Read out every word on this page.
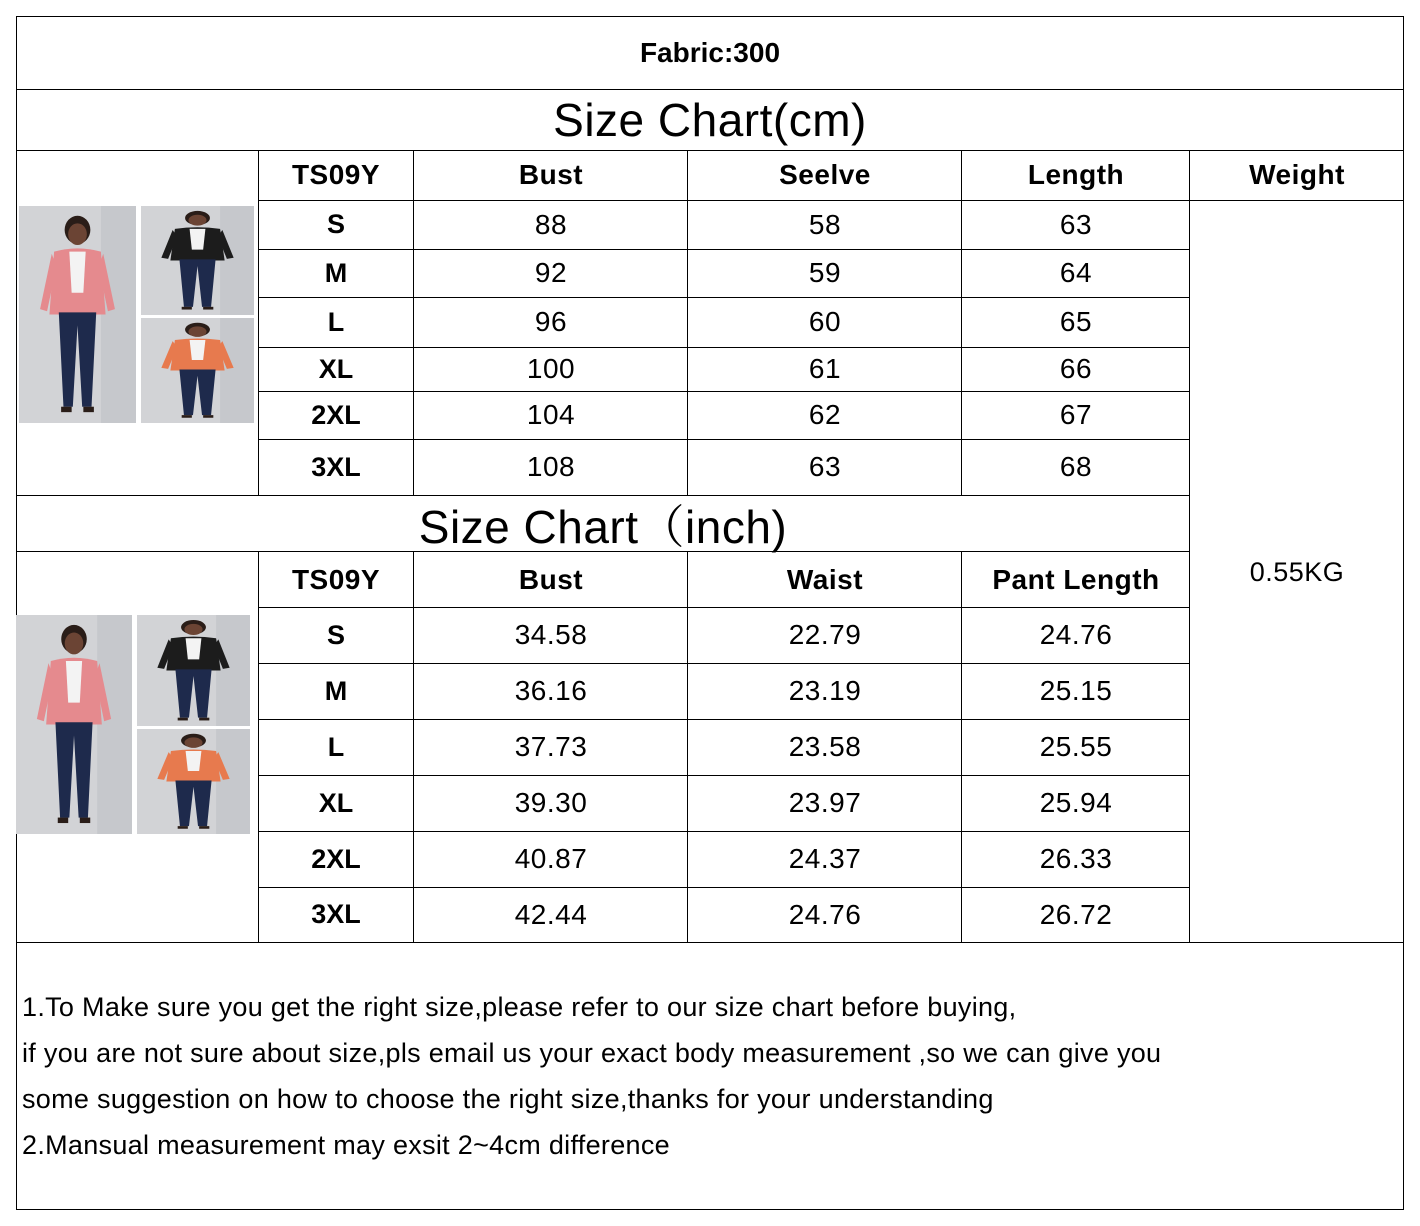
Fabric:300
Size Chart(cm)
TS09Y	Bust	Seelve	Length	Weight
S	88	58	63
M	92	59	64
L	96	60	65
XL	100	61	66
2XL	104	62	67
3XL	108	63	68
Size Chart（inch)
TS09Y	Bust	Waist	Pant Length
S	34.58	22.79	24.76
M	36.16	23.19	25.15
L	37.73	23.58	25.55
XL	39.30	23.97	25.94
2XL	40.87	24.37	26.33
3XL	42.44	24.76	26.72
0.55KG
1.To Make sure you get the right size,please refer to our size chart before buying,
if you are not sure about size,pls email us your exact body measurement ,so we can give you
some suggestion on how to choose the right size,thanks for your understanding
2.Mansual measurement may exsit 2~4cm difference
